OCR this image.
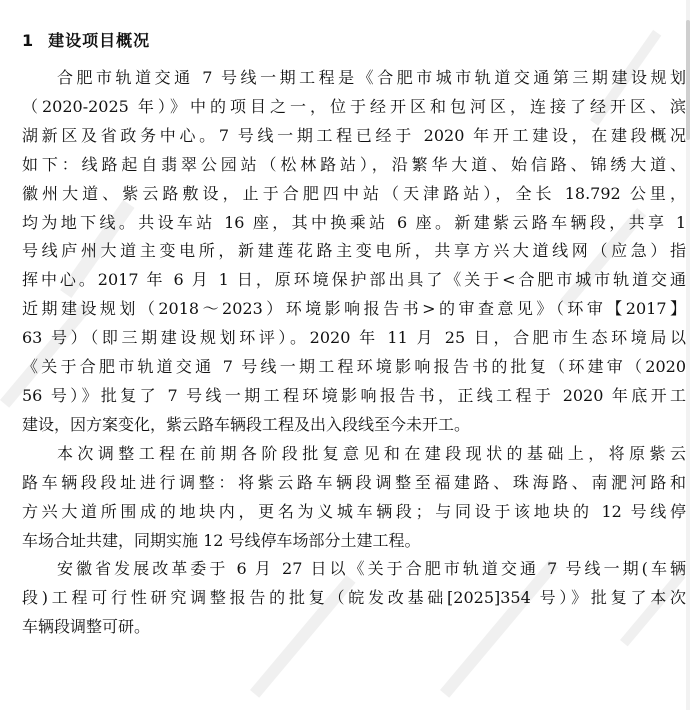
1 建设项目概况
合肥市轨道交通 7 号线一期工程是《合肥市城市轨道交通第三期建设规划
（2020-2025 年）》中的项目之一，位于经开区和包河区，连接了经开区、滨
湖新区及省政务中心。7 号线一期工程已经于 2020 年开工建设，在建段概况
如下：线路起自翡翠公园站（松林路站），沿繁华大道、始信路、锦绣大道、
徽州大道、紫云路敷设，止于合肥四中站（天津路站），全长 18.792 公里，
均为地下线。共设车站 16 座，其中换乘站 6 座。新建紫云路车辆段，共享 1
号线庐州大道主变电所，新建莲花路主变电所，共享方兴大道线网（应急）指
挥中心。2017 年 6 月 1 日，原环境保护部出具了《关于<合肥市城市轨道交通
近期建设规划（2018～2023）环境影响报告书>的审查意见》（环审【2017】
63 号）（即三期建设规划环评）。2020 年 11 月 25 日，合肥市生态环境局以
《关于合肥市轨道交通 7 号线一期工程环境影响报告书的批复（环建审（2020
56 号）》批复了 7 号线一期工程环境影响报告书，正线工程于 2020 年底开工
建设，因方案变化，紫云路车辆段工程及出入段线至今未开工。
本次调整工程在前期各阶段批复意见和在建段现状的基础上，将原紫云
路车辆段段址进行调整：将紫云路车辆段调整至福建路、珠海路、南淝河路和
方兴大道所围成的地块内，更名为义城车辆段；与同设于该地块的 12 号线停
车场合址共建，同期实施 12 号线停车场部分土建工程。
安徽省发展改革委于 6 月 27 日以《关于合肥市轨道交通 7 号线一期(车辆
段)工程可行性研究调整报告的批复（皖发改基础[2025]354 号）》批复了本次
车辆段调整可研。
